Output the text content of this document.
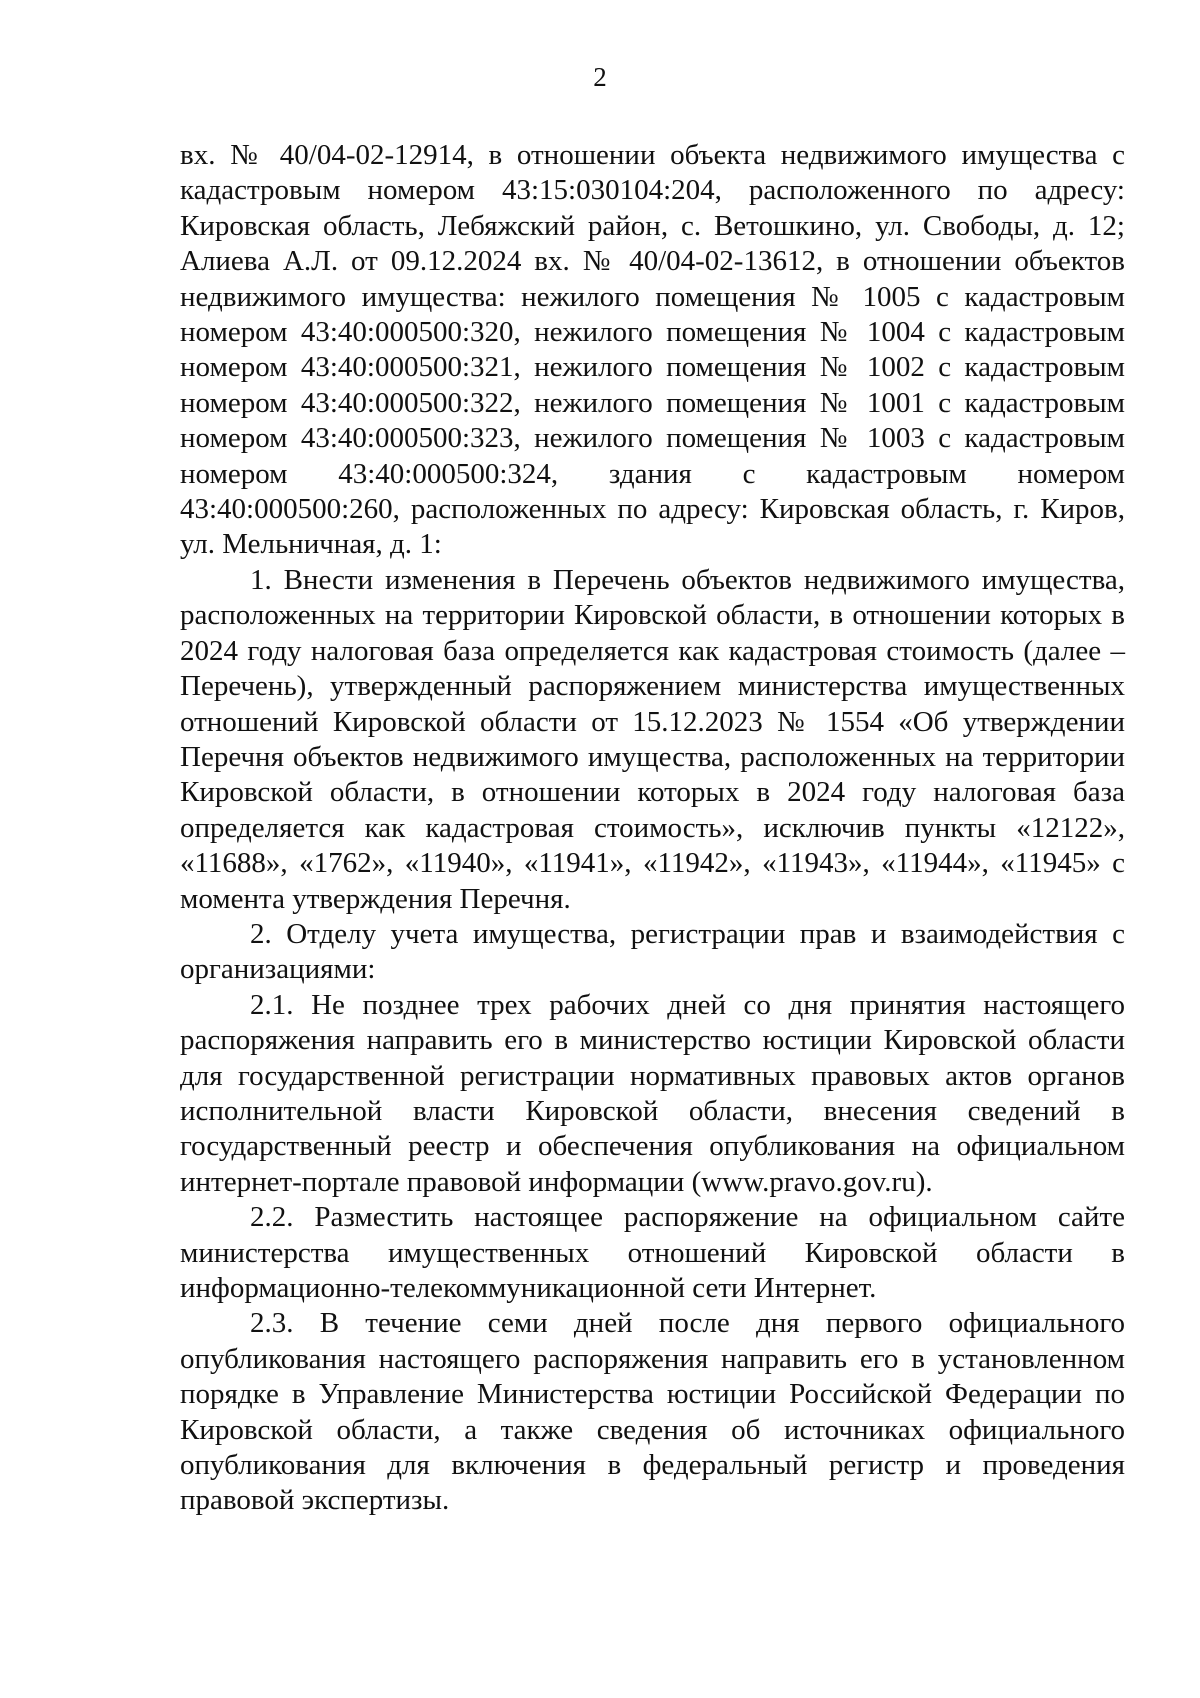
2

вх. № 40/04-02-12914, в отношении объекта недвижимого имущества с кадастровым номером 43:15:030104:204, расположенного по адресу: Кировская область, Лебяжский район, с. Ветошкино, ул. Свободы, д. 12; Алиева А.Л. от 09.12.2024 вх. № 40/04-02-13612, в отношении объектов недвижимого имущества: нежилого помещения № 1005 с кадастровым номером 43:40:000500:320, нежилого помещения № 1004 с кадастровым номером 43:40:000500:321, нежилого помещения № 1002 с кадастровым номером 43:40:000500:322, нежилого помещения № 1001 с кадастровым номером 43:40:000500:323, нежилого помещения № 1003 с кадастровым номером 43:40:000500:324, здания с кадастровым номером 43:40:000500:260, расположенных по адресу: Кировская область, г. Киров, ул. Мельничная, д. 1:

1. Внести изменения в Перечень объектов недвижимого имущества, расположенных на территории Кировской области, в отношении которых в 2024 году налоговая база определяется как кадастровая стоимость (далее – Перечень), утвержденный распоряжением министерства имущественных отношений Кировской области от 15.12.2023 № 1554 «Об утверждении Перечня объектов недвижимого имущества, расположенных на территории Кировской области, в отношении которых в 2024 году налоговая база определяется как кадастровая стоимость», исключив пункты «12122», «11688», «1762», «11940», «11941», «11942», «11943», «11944», «11945» с момента утверждения Перечня.

2. Отделу учета имущества, регистрации прав и взаимодействия с организациями:

2.1. Не позднее трех рабочих дней со дня принятия настоящего распоряжения направить его в министерство юстиции Кировской области для государственной регистрации нормативных правовых актов органов исполнительной власти Кировской области, внесения сведений в государственный реестр и обеспечения опубликования на официальном интернет-портале правовой информации (www.pravo.gov.ru).

2.2. Разместить настоящее распоряжение на официальном сайте министерства имущественных отношений Кировской области в информационно-телекоммуникационной сети Интернет.

2.3. В течение семи дней после дня первого официального опубликования настоящего распоряжения направить его в установленном порядке в Управление Министерства юстиции Российской Федерации по Кировской области, а также сведения об источниках официального опубликования для включения в федеральный регистр и проведения правовой экспертизы.
